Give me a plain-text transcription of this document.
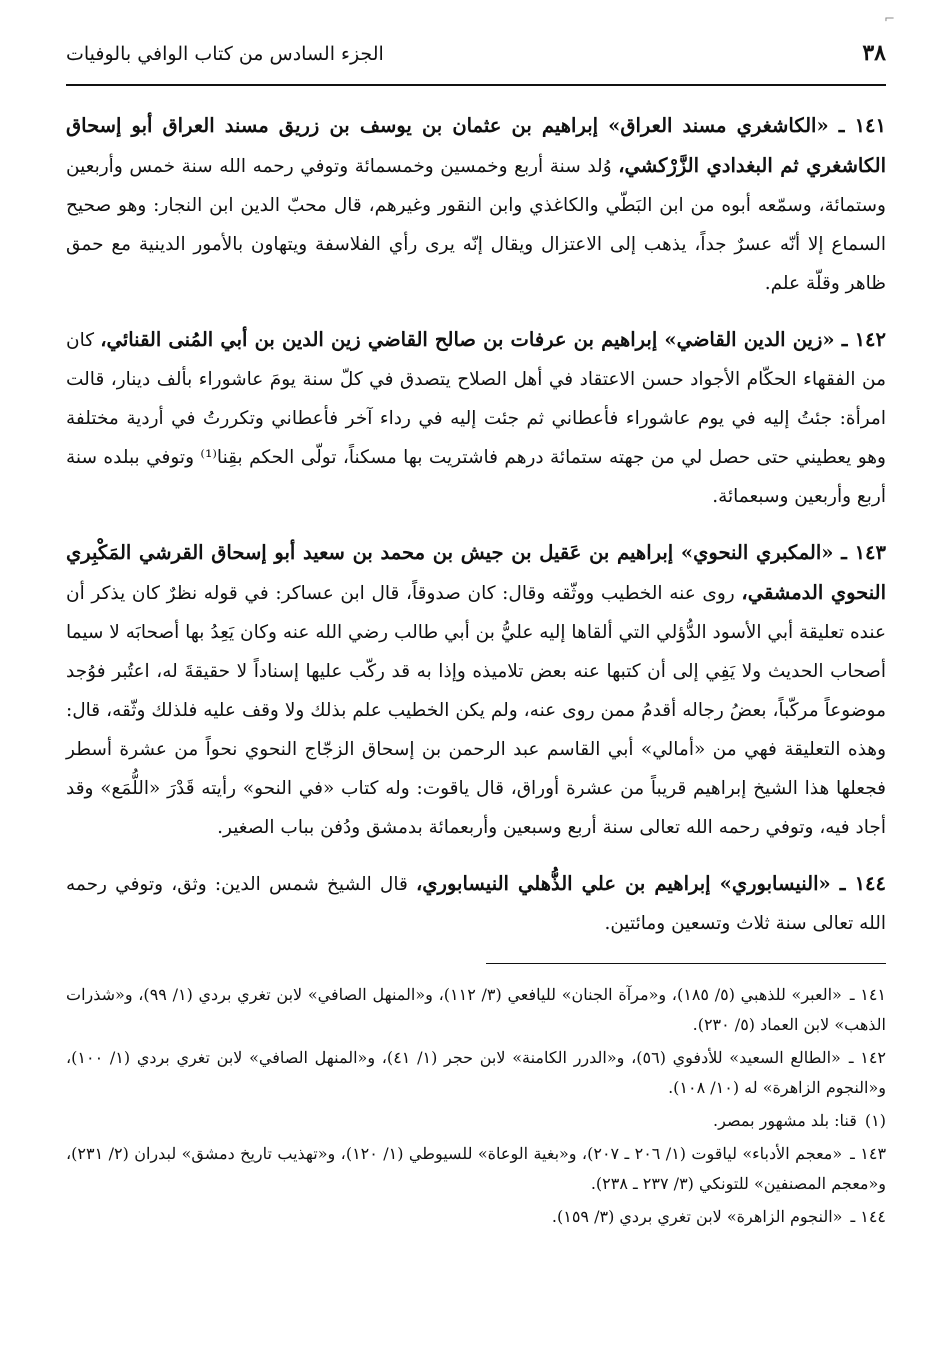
⌐
٣٨
الجزء السادس من كتاب الوافي بالوفيات

١٤١ ـ «الكاشغري مسند العراق» إبراهيم بن عثمان بن يوسف بن زريق مسند العراق أبو إسحاق الكاشغري ثم البغدادي الزَّرْكشي، وُلد سنة أربع وخمسين وخمسمائة وتوفي رحمه الله سنة خمس وأربعين وستمائة، وسمّعه أبوه من ابن البَطّي والكاغذي وابن النقور وغيرهم، قال محبّ الدين ابن النجار: وهو صحيح السماع إلا أنّه عسرٌ جداً، يذهب إلى الاعتزال ويقال إنّه يرى رأي الفلاسفة ويتهاون بالأمور الدينية مع حمق ظاهر وقلّة علم.

١٤٢ ـ «زين الدين القاضي» إبراهيم بن عرفات بن صالح القاضي زين الدين بن أبي المُنى القنائي، كان من الفقهاء الحكّام الأجواد حسن الاعتقاد في أهل الصلاح يتصدق في كلّ سنة يومَ عاشوراء بألف دينار، قالت امرأة: جئتُ إليه في يوم عاشوراء فأعطاني ثم جئت إليه في رداء آخر فأعطاني وتكررتُ في أردية مختلفة وهو يعطيني حتى حصل لي من جهته ستمائة درهم فاشتريت بها مسكناً، تولّى الحكم بقِنا⁽¹⁾ وتوفي ببلده سنة أربع وأربعين وسبعمائة.

١٤٣ ـ «المكبري النحوي» إبراهيم بن عَقيل بن جيش بن محمد بن سعيد أبو إسحاق القرشي المَكْبِري النحوي الدمشقي، روى عنه الخطيب ووثّقه وقال: كان صدوقاً، قال ابن عساكر: في قوله نظرٌ كان يذكر أن عنده تعليقة أبي الأسود الدُّؤلي التي ألقاها إليه عليُّ بن أبي طالب رضي الله عنه وكان يَعِدُ بها أصحابَه لا سيما أصحاب الحديث ولا يَفِي إلى أن كتبها عنه بعض تلاميذه وإذا به قد ركّب عليها إسناداً لا حقيقةَ له، اعتُبر فوُجد موضوعاً مركّباً، بعضُ رجاله أقدمُ ممن روى عنه، ولم يكن الخطيب علم بذلك ولا وقف عليه فلذلك وثّقه، قال: وهذه التعليقة فهي من «أمالي» أبي القاسم عبد الرحمن بن إسحاق الزجّاج النحوي نحواً من عشرة أسطر فجعلها هذا الشيخ إبراهيم قريباً من عشرة أوراق، قال ياقوت: وله كتاب «في النحو» رأيته قَدْرَ «اللُّمَع» وقد أجاد فيه، وتوفي رحمه الله تعالى سنة أربع وسبعين وأربعمائة بدمشق ودُفن بباب الصغير.

١٤٤ ـ «النيسابوري» إبراهيم بن علي الذُّهلي النيسابوري، قال الشيخ شمس الدين: وثق، وتوفي رحمه الله تعالى سنة ثلاث وتسعين ومائتين.

١٤١ ـ«العبر» للذهبي (٥/ ١٨٥)، و«مرآة الجنان» لليافعي (٣/ ١١٢)، و«المنهل الصافي» لابن تغري بردي (١/ ٩٩)، و«شذرات الذهب» لابن العماد (٥/ ٢٣٠).

١٤٢ ـ«الطالع السعيد» للأدفوي (٥٦)، و«الدرر الكامنة» لابن حجر (١/ ٤١)، و«المنهل الصافي» لابن تغري بردي (١/ ١٠٠)، و«النجوم الزاهرة» له (١٠/ ١٠٨).

(١)قنا: بلد مشهور بمصر.

١٤٣ ـ«معجم الأدباء» لياقوت (١/ ٢٠٦ ـ ٢٠٧)، و«بغية الوعاة» للسيوطي (١/ ١٢٠)، و«تهذيب تاريخ دمشق» لبدران (٢/ ٢٣١)، و«معجم المصنفين» للتونكي (٣/ ٢٣٧ ـ ٢٣٨).

١٤٤ ـ«النجوم الزاهرة» لابن تغري بردي (٣/ ١٥٩).
